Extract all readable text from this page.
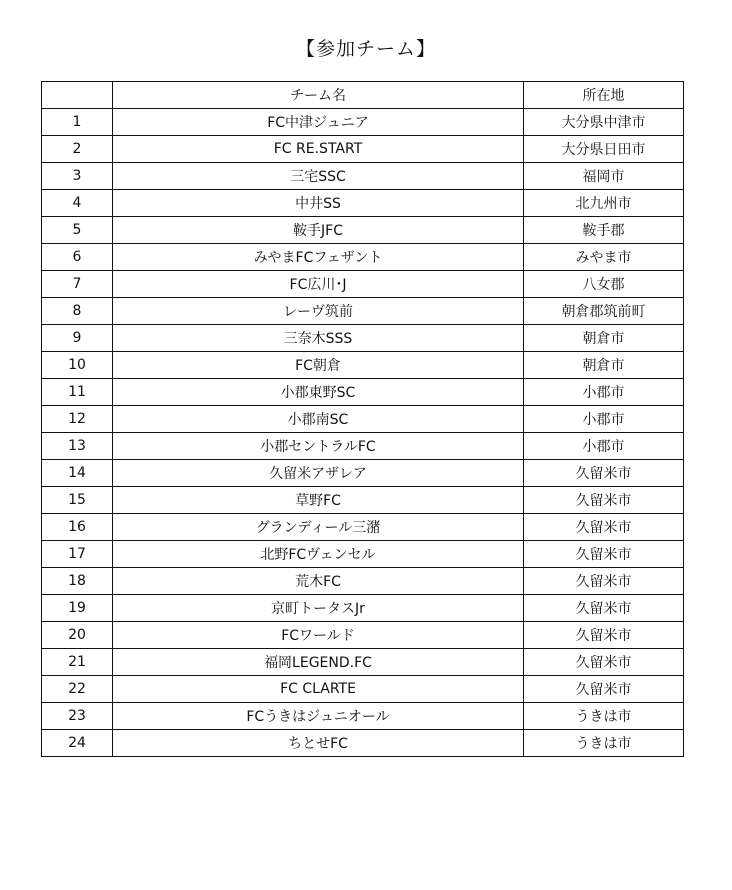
【参加チーム】
	チーム名	所在地
1	FC中津ジュニア	大分県中津市
2	FC RE.START	大分県日田市
3	三宅SSC	福岡市
4	中井SS	北九州市
5	鞍手JFC	鞍手郡
6	みやまFCフェザント	みやま市
7	FC広川･J	八女郡
8	レーヴ筑前	朝倉郡筑前町
9	三奈木SSS	朝倉市
10	FC朝倉	朝倉市
11	小郡東野SC	小郡市
12	小郡南SC	小郡市
13	小郡セントラルFC	小郡市
14	久留米アザレア	久留米市
15	草野FC	久留米市
16	グランディール三潴	久留米市
17	北野FCヴェンセル	久留米市
18	荒木FC	久留米市
19	京町トータスJr	久留米市
20	FCワールド	久留米市
21	福岡LEGEND.FC	久留米市
22	FC CLARTE	久留米市
23	FCうきはジュニオール	うきは市
24	ちとせFC	うきは市
